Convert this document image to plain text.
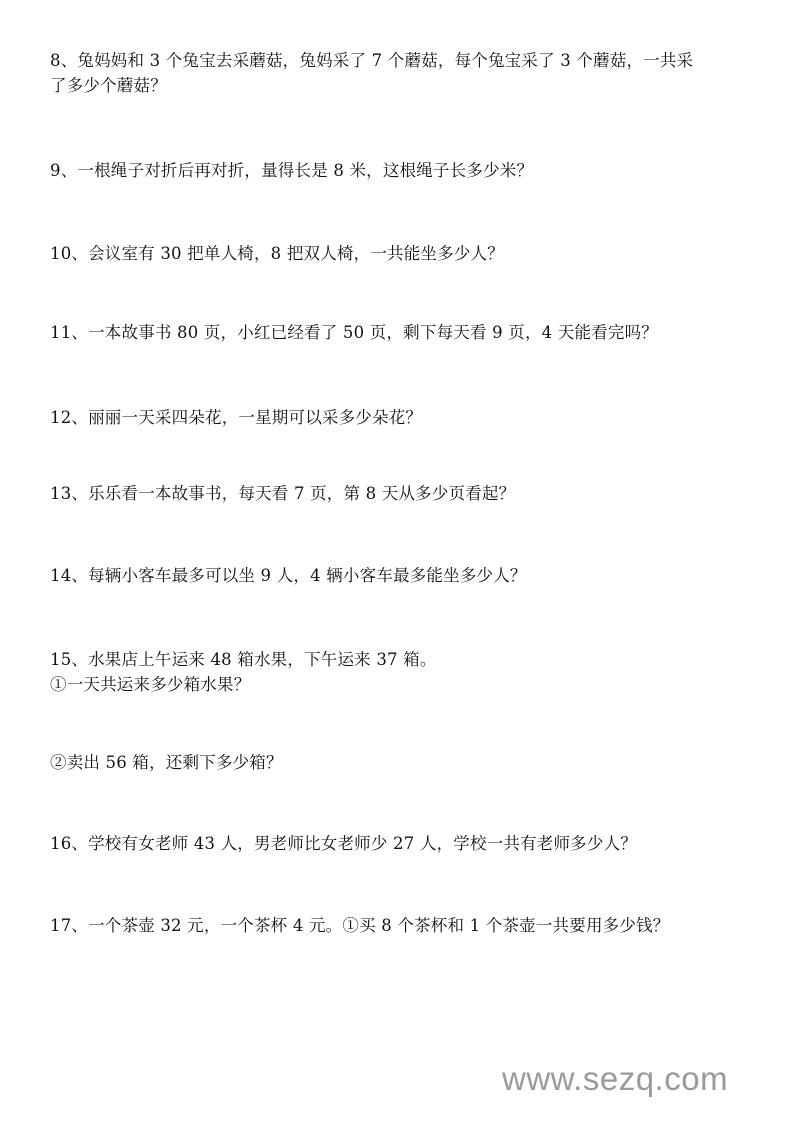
8、兔妈妈和 3 个兔宝去采蘑菇，兔妈采了 7 个蘑菇，每个兔宝采了 3 个蘑菇，一共采
了多少个蘑菇？
9、一根绳子对折后再对折，量得长是 8 米，这根绳子长多少米？
10、会议室有 30 把单人椅，8 把双人椅，一共能坐多少人？
11、一本故事书 80 页，小红已经看了 50 页，剩下每天看 9 页，4 天能看完吗？
12、丽丽一天采四朵花，一星期可以采多少朵花？
13、乐乐看一本故事书，每天看 7 页，第 8 天从多少页看起？
14、每辆小客车最多可以坐 9 人，4 辆小客车最多能坐多少人？
15、水果店上午运来 48 箱水果，下午运来 37 箱。
①一天共运来多少箱水果？
②卖出 56 箱，还剩下多少箱？
16、学校有女老师 43 人，男老师比女老师少 27 人，学校一共有老师多少人？
17、一个茶壶 32 元，一个茶杯 4 元。①买 8 个茶杯和 1 个茶壶一共要用多少钱？
www.sezq.com
